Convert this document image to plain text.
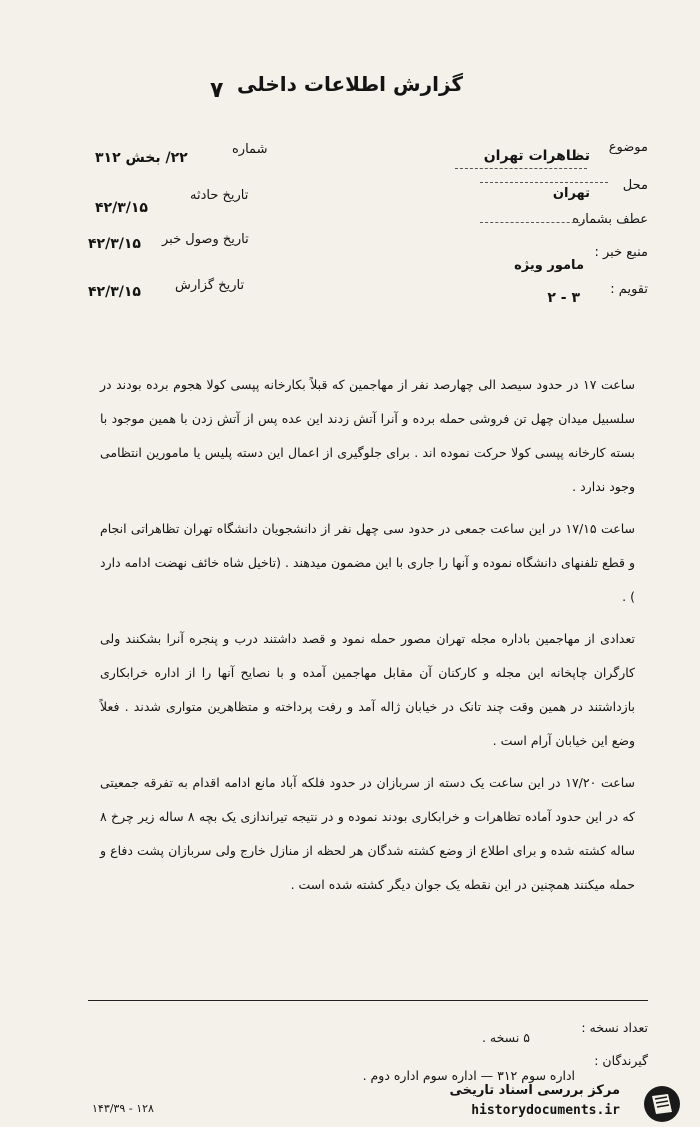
گزارش اطلاعات داخلی
٧
موضوع
تظاهرات تهران
محل
تهران
عطف بشماره
منبع خبر :
مامور ویژه
تقویم :
۲ - ۳
شماره
۲۲/ بخش ۳۱۲
تاریخ حادثه
۴۲/۳/۱۵
تاریخ وصول خبر
۴۲/۳/۱۵
تاریخ گزارش
۴۲/۳/۱۵

ساعت ۱۷ در حدود سیصد الی چهارصد نفر از مهاجمین که قبلاً بکارخانه پپسی کولا هجوم برده بودند در سلسبیل میدان چهل تن فروشی حمله برده و آنرا آتش زدند این عده پس از آتش زدن با همین موجود با بسته کارخانه پپسی کولا حرکت نموده اند . برای جلوگیری از اعمال این دسته پلیس یا مامورین انتظامی وجود ندارد .

ساعت ۱۷/۱۵ در این ساعت جمعی در حدود سی چهل نفر از دانشجویان دانشگاه تهران تظاهراتی انجام و قطع تلفنهای دانشگاه نموده و آنها را جاری با این مضمون میدهند . (تاخیل شاه خائف نهضت ادامه دارد ) .

تعدادی از مهاجمین باداره مجله تهران مصور حمله نمود و قصد داشتند درب و پنجره آنرا بشکنند ولی کارگران چاپخانه این مجله و کارکنان آن مقابل مهاجمین آمده و با نصایح آنها را از اداره خرابکاری بازداشتند در همین وقت چند تانک در خیابان ژاله آمد و رفت پرداخته و متظاهرین متواری شدند . فعلاً وضع این خیابان آرام است .

ساعت ۱۷/۲۰ در این ساعت یک دسته از سربازان در حدود فلکه آباد مانع ادامه اقدام به تفرقه جمعیتی که در این حدود آماده تظاهرات و خرابکاری بودند نموده و در نتیجه تیراندازی یک بچه ۸ ساله زیر چرخ ۸ ساله کشته شده و برای اطلاع از وضع کشته شدگان هر لحظه از منازل خارج ولی سربازان پشت دفاع و حمله میکنند همچنین در این نقطه یک جوان دیگر کشته شده است .

تعداد نسخه :
۵ نسخه .
گیرندگان :
اداره سوم ۳۱۲ — اداره سوم اداره دوم .
۱۴۳/۳۹ - ۱۲۸
مرکز بررسی اسناد تاریخی
historydocuments.ir
